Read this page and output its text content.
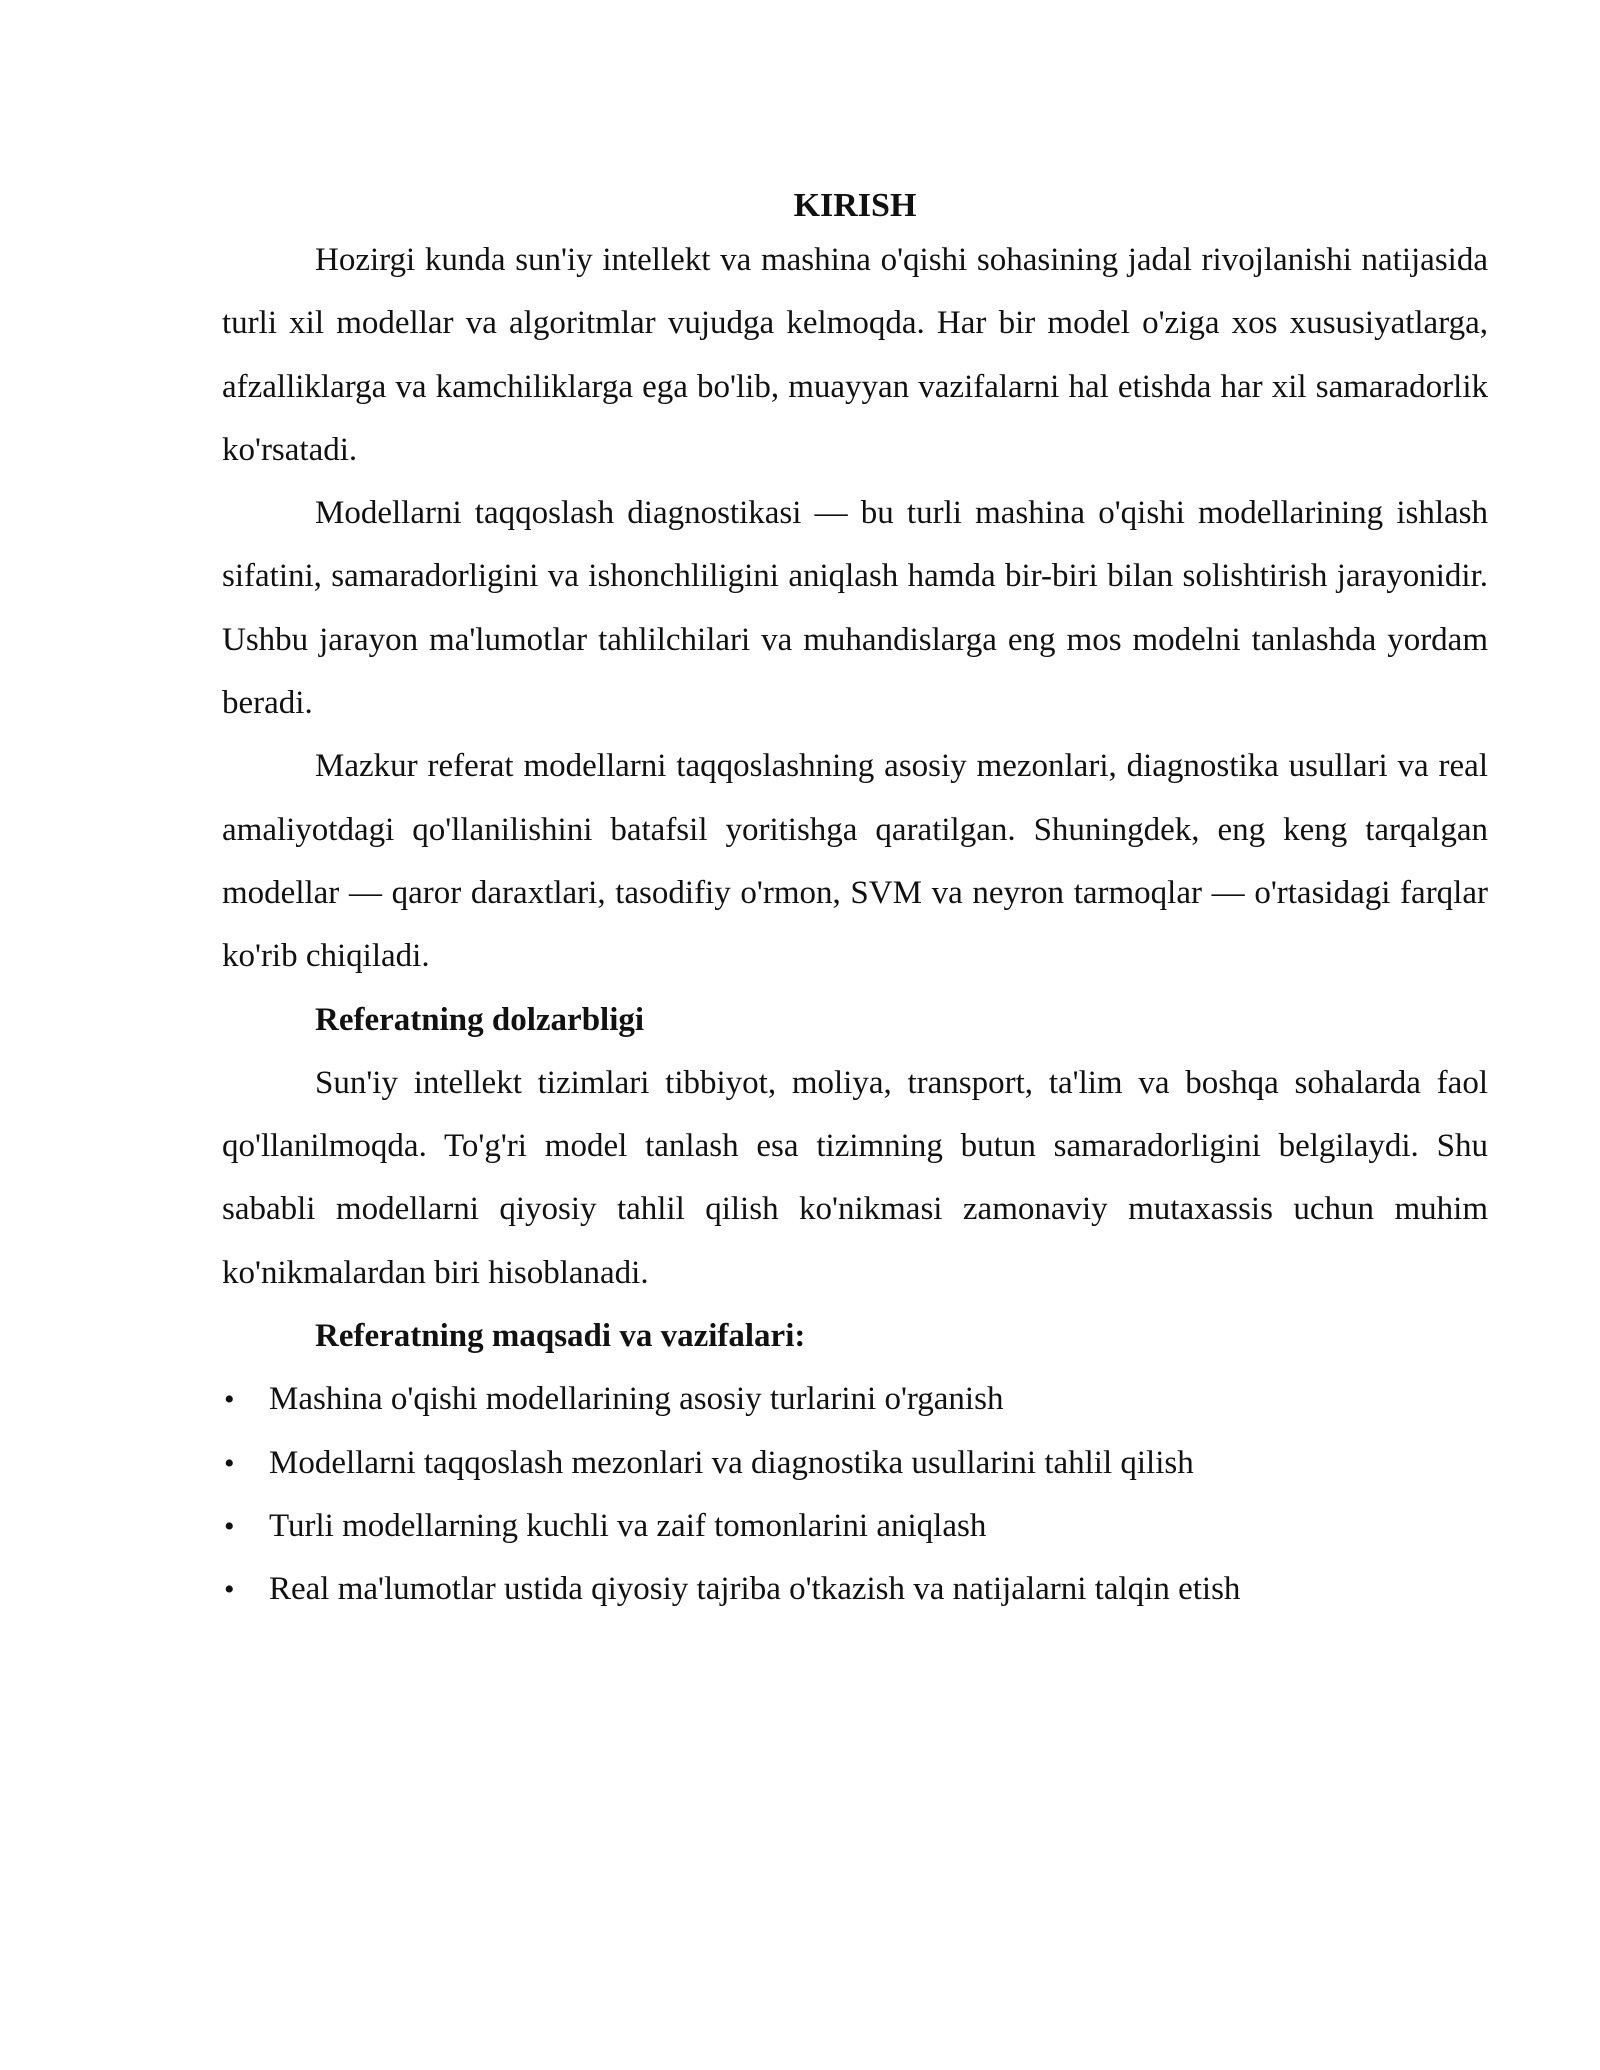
KIRISH

Hozirgi kunda sun'iy intellekt va mashina o'qishi sohasining jadal rivojlanishi natijasida turli xil modellar va algoritmlar vujudga kelmoqda. Har bir model o'ziga xos xususiyatlarga, afzalliklarga va kamchiliklarga ega bo'lib, muayyan vazifalarni hal etishda har xil samaradorlik ko'rsatadi.

Modellarni taqqoslash diagnostikasi — bu turli mashina o'qishi modellarining ishlash sifatini, samaradorligini va ishonchliligini aniqlash hamda bir-biri bilan solishtirish jarayonidir. Ushbu jarayon ma'lumotlar tahlilchilari va muhandislarga eng mos modelni tanlashda yordam beradi.

Mazkur referat modellarni taqqoslashning asosiy mezonlari, diagnostika usullari va real amaliyotdagi qo'llanilishini batafsil yoritishga qaratilgan. Shuningdek, eng keng tarqalgan modellar — qaror daraxtlari, tasodifiy o'rmon, SVM va neyron tarmoqlar — o'rtasidagi farqlar ko'rib chiqiladi.

Referatning dolzarbligi

Sun'iy intellekt tizimlari tibbiyot, moliya, transport, ta'lim va boshqa sohalarda faol qo'llanilmoqda. To'g'ri model tanlash esa tizimning butun samaradorligini belgilaydi. Shu sababli modellarni qiyosiy tahlil qilish ko'nikmasi zamonaviy mutaxassis uchun muhim ko'nikmalardan biri hisoblanadi.

Referatning maqsadi va vazifalari:

• Mashina o'qishi modellarining asosiy turlarini o'rganish
• Modellarni taqqoslash mezonlari va diagnostika usullarini tahlil qilish
• Turli modellarning kuchli va zaif tomonlarini aniqlash
• Real ma'lumotlar ustida qiyosiy tajriba o'tkazish va natijalarni talqin etish
